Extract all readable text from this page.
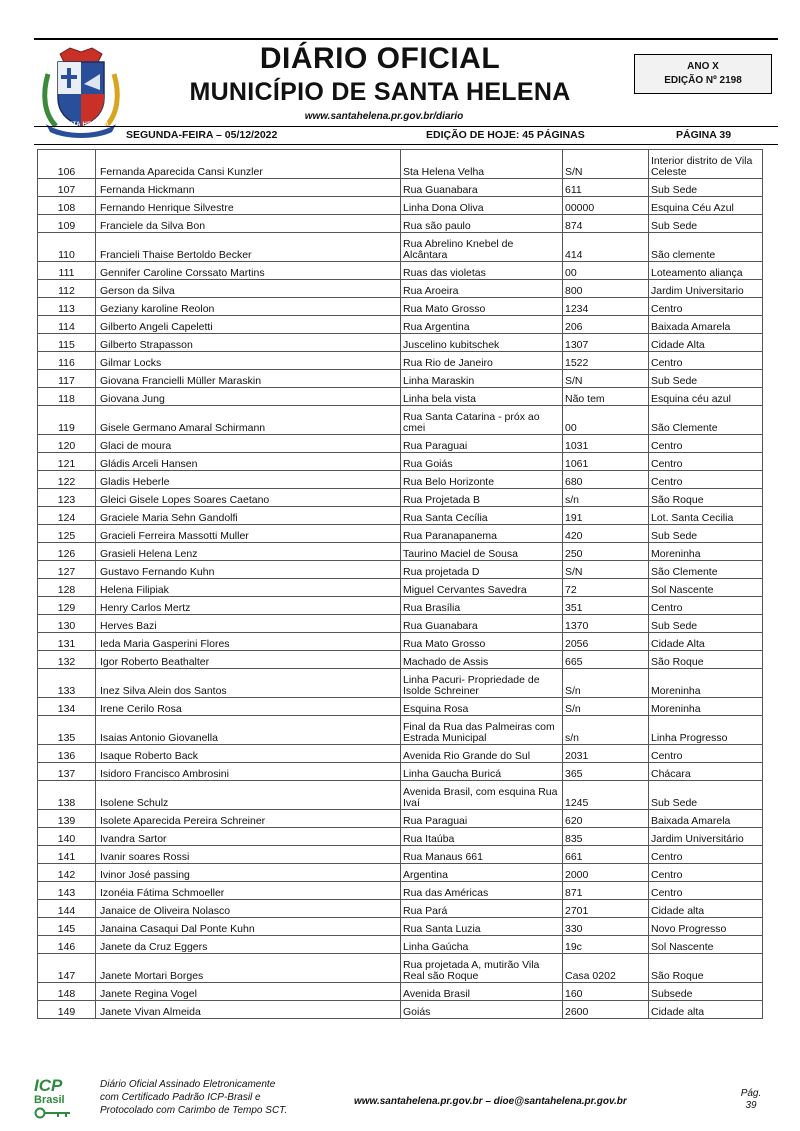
SANTA HELENA
DIÁRIO OFICIAL
MUNICÍPIO DE SANTA HELENA
www.santahelena.pr.gov.br/diario
ANO X
EDIÇÃO Nº 2198
SEGUNDA-FEIRA – 05/12/2022	EDIÇÃO DE HOJE: 45 PÁGINAS	PÁGINA 39
106	Fernanda Aparecida Cansi Kunzler	Sta Helena Velha	S/N	Interior distrito de Vila Celeste
107	Fernanda Hickmann	Rua Guanabara	611	Sub Sede
108	Fernando Henrique Silvestre	Linha Dona Oliva	00000	Esquina Céu Azul
109	Franciele da Silva Bon	Rua são paulo	874	Sub Sede
110	Francieli Thaise Bertoldo Becker	Rua Abrelino Knebel de Alcântara	414	São clemente
111	Gennifer Caroline Corssato Martins	Ruas das violetas	00	Loteamento aliança
112	Gerson da Silva	Rua Aroeira	800	Jardim Universitario
113	Geziany karoline Reolon	Rua Mato Grosso	1234	Centro
114	Gilberto Angeli Capeletti	Rua Argentina	206	Baixada Amarela
115	Gilberto Strapasson	Juscelino kubitschek	1307	Cidade Alta
116	Gilmar Locks	Rua Rio de Janeiro	1522	Centro
117	Giovana Francielli Müller Maraskin	Linha Maraskin	S/N	Sub Sede
118	Giovana Jung	Linha bela vista	Não tem	Esquina céu azul
119	Gisele Germano Amaral Schirmann	Rua Santa Catarina - próx ao cmei	00	São Clemente
120	Glaci de moura	Rua Paraguai	1031	Centro
121	Gládis Arceli Hansen	Rua Goiás	1061	Centro
122	Gladis Heberle	Rua Belo Horizonte	680	Centro
123	Gleici Gisele Lopes Soares Caetano	Rua Projetada B	s/n	São Roque
124	Graciele Maria Sehn Gandolfi	Rua Santa Cecília	191	Lot. Santa Cecilia
125	Gracieli Ferreira Massotti Muller	Rua Paranapanema	420	Sub Sede
126	Grasieli Helena Lenz	Taurino Maciel de Sousa	250	Moreninha
127	Gustavo Fernando Kuhn	Rua projetada D	S/N	São Clemente
128	Helena Filipiak	Miguel Cervantes Savedra	72	Sol Nascente
129	Henry Carlos Mertz	Rua Brasília	351	Centro
130	Herves Bazi	Rua Guanabara	1370	Sub Sede
131	Ieda Maria Gasperini Flores	Rua Mato Grosso	2056	Cidade Alta
132	Igor Roberto Beathalter	Machado de Assis	665	São Roque
133	Inez Silva Alein dos Santos	Linha Pacuri- Propriedade de Isolde Schreiner	S/n	Moreninha
134	Irene Cerilo Rosa	Esquina Rosa	S/n	Moreninha
135	Isaias Antonio Giovanella	Final da Rua das Palmeiras com Estrada Municipal	s/n	Linha Progresso
136	Isaque Roberto Back	Avenida Rio Grande do Sul	2031	Centro
137	Isidoro Francisco Ambrosini	Linha Gaucha Buricá	365	Chácara
138	Isolene Schulz	Avenida Brasil, com esquina Rua Ivaí	1245	Sub Sede
139	Isolete Aparecida Pereira Schreiner	Rua Paraguai	620	Baixada Amarela
140	Ivandra Sartor	Rua Itaúba	835	Jardim Universitário
141	Ivanir soares Rossi	Rua Manaus 661	661	Centro
142	Ivinor José passing	Argentina	2000	Centro
143	Izonéia Fátima Schmoeller	Rua das Américas	871	Centro
144	Janaice de Oliveira Nolasco	Rua Pará	2701	Cidade alta
145	Janaina Casaqui Dal Ponte Kuhn	Rua Santa Luzia	330	Novo Progresso
146	Janete da Cruz Eggers	Linha Gaúcha	19c	Sol Nascente
147	Janete Mortari Borges	Rua projetada A, mutirão Vila Real são Roque	Casa 0202	São Roque
148	Janete Regina Vogel	Avenida Brasil	160	Subsede
149	Janete Vivan Almeida	Goiás	2600	Cidade alta
ICP
Brasil
Diário Oficial Assinado Eletronicamente
com Certificado Padrão ICP-Brasil e
Protocolado com Carimbo de Tempo SCT.
www.santahelena.pr.gov.br – dioe@santahelena.pr.gov.br
Pág.
39
